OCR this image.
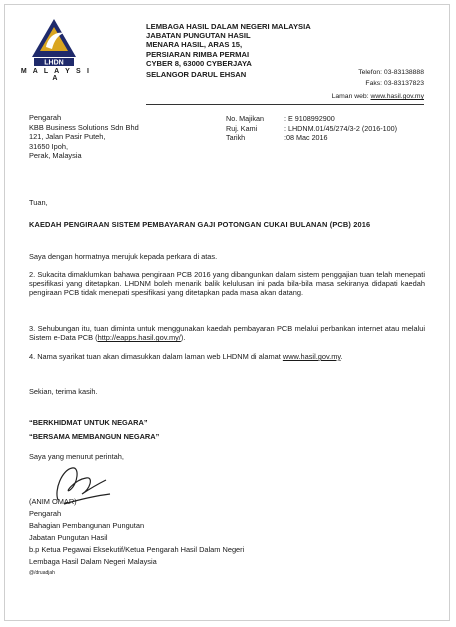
LHDN
M A L A Y S I A
LEMBAGA HASIL DALAM NEGERI MALAYSIA
JABATAN PUNGUTAN HASIL
MENARA HASIL, ARAS 15,
PERSIARAN RIMBA PERMAI
CYBER 8, 63000 CYBERJAYA
SELANGOR DARUL EHSAN	Telefon: 03-83138888
Faks: 03-83137823
Laman web: www.hasil.gov.my
Pengarah
KBB Business Solutions Sdn Bhd
121, Jalan Pasir Puteh,
31650 Ipoh,
Perak, Malaysia
No. Majikan	: E 9108992900
Ruj. Kami	: LHDNM.01/45/274/3-2 (2016-100)
Tarikh	:08 Mac 2016
Tuan,
KAEDAH PENGIRAAN SISTEM PEMBAYARAN GAJI POTONGAN CUKAI BULANAN (PCB) 2016
Saya dengan hormatnya merujuk kepada perkara di atas.
2. Sukacita dimaklumkan bahawa pengiraan PCB 2016 yang dibangunkan dalam sistem penggajian tuan telah menepati spesifikasi yang ditetapkan. LHDNM boleh menarik balik kelulusan ini pada bila-bila masa sekiranya didapati kaedah pengiraan PCB tidak menepati spesifikasi yang ditetapkan pada masa akan datang.
3. Sehubungan itu, tuan diminta untuk menggunakan kaedah pembayaran PCB melalui perbankan internet atau melalui Sistem e-Data PCB (http://eapps.hasil.gov.my/).
4. Nama syarikat tuan akan dimasukkan dalam laman web LHDNM di alamat www.hasil.gov.my.
Sekian, terima kasih.
“BERKHIDMAT UNTUK NEGARA”
“BERSAMA MEMBANGUN NEGARA”
Saya yang menurut perintah,
(ANIM OMAR)
Pengarah
Bahagian Pembangunan Pungutan
Jabatan Pungutan Hasil
b.p Ketua Pegawai Eksekutif/Ketua Pengarah Hasil Dalam Negeri
Lembaga Hasil Dalam Negeri Malaysia
@/druadjah
